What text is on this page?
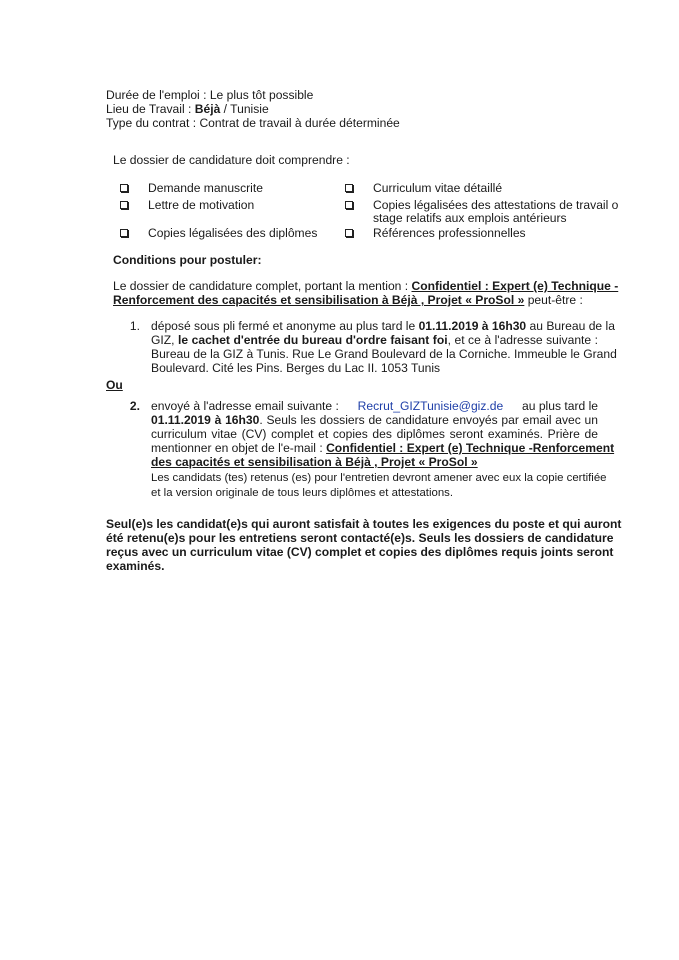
Durée de l'emploi : Le plus tôt possible
Lieu de Travail : Béjà / Tunisie
Type du contrat : Contrat de travail à durée déterminée
Le dossier de candidature doit comprendre :
Demande manuscrite	Curriculum vitae détaillé
Lettre de motivation	Copies légalisées des attestations de travail o
stage relatifs aux emplois antérieurs
Copies légalisées des diplômes	Références professionnelles
Conditions pour postuler:
Le dossier de candidature complet, portant la mention : Confidentiel : Expert (e) Technique -
Renforcement des capacités et sensibilisation à Béjà , Projet « ProSol » peut-être :
1. déposé sous pli fermé et anonyme au plus tard le 01.11.2019 à 16h30 au Bureau de la
GIZ, le cachet d'entrée du bureau d'ordre faisant foi, et ce à l'adresse suivante :
Bureau de la GIZ à Tunis. Rue Le Grand Boulevard de la Corniche. Immeuble le Grand
Boulevard. Cité les Pins. Berges du Lac II. 1053 Tunis
Ou
2. envoyé à l'adresse email suivante : Recrut_GIZTunisie@giz.de au plus tard le
01.11.2019 à 16h30. Seuls les dossiers de candidature envoyés par email avec un
curriculum vitae (CV) complet et copies des diplômes seront examinés. Prière de
mentionner en objet de l'e-mail : Confidentiel : Expert (e) Technique -Renforcement
des capacités et sensibilisation à Béjà , Projet « ProSol »
Les candidats (tes) retenus (es) pour l'entretien devront amener avec eux la copie certifiée
et la version originale de tous leurs diplômes et attestations.
Seul(e)s les candidat(e)s qui auront satisfait à toutes les exigences du poste et qui auront
été retenu(e)s pour les entretiens seront contacté(e)s. Seuls les dossiers de candidature
reçus avec un curriculum vitae (CV) complet et copies des diplômes requis joints seront
examinés.
